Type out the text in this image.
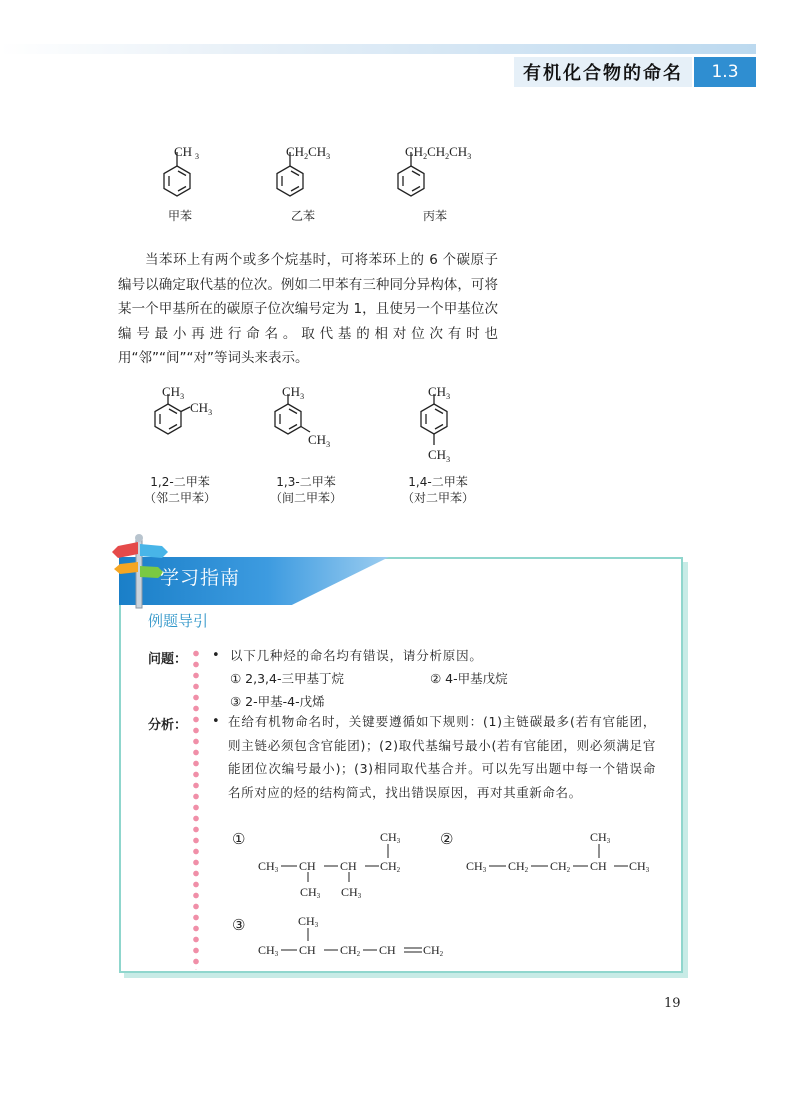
有机化合物的命名	1.3
CH 3
甲苯
$CH_2CH_3$
乙苯
$CH_2CH_2CH_3$
丙苯

当苯环上有两个或多个烷基时，可将苯环上的 6 个碳原子编号以确定取代基的位次。例如二甲苯有三种同分异构体，可将某一个甲基所在的碳原子位次编号定为 1，且使另一个甲基位次编号最小再进行命名。取代基的相对位次有时也用“邻”“间”“对”等词头来表示。

$CH_3$
$CH_3$
1,2-二甲苯
（邻二甲苯）
$CH_3$
$CH_3$
1,3-二甲苯
（间二甲苯）
$CH_3$
$CH_3$
1,4-二甲苯
（对二甲苯）
学习指南
例题导引
问题： • 以下几种烃的命名均有错误，请分析原因。
① 2,3,4-三甲基丁烷	② 4-甲基戊烷
③ 2-甲基-4-戊烯
分析： • 在给有机物命名时，关键要遵循如下规则：(1)主链碳最多(若有官能团，则主链必须包含官能团)；(2)取代基编号最小(若有官能团，则必须满足官能团位次编号最小)；(3)相同取代基合并。可以先写出题中每一个错误命名所对应的烃的结构简式，找出错误原因，再对其重新命名。

①
CH3 CH CH CH2
CH3
CH3 CH3
②
CH3 CH2 CH2 CH CH3
CH3
③	CH3
CH3 CH CH2 CH CH2
19
